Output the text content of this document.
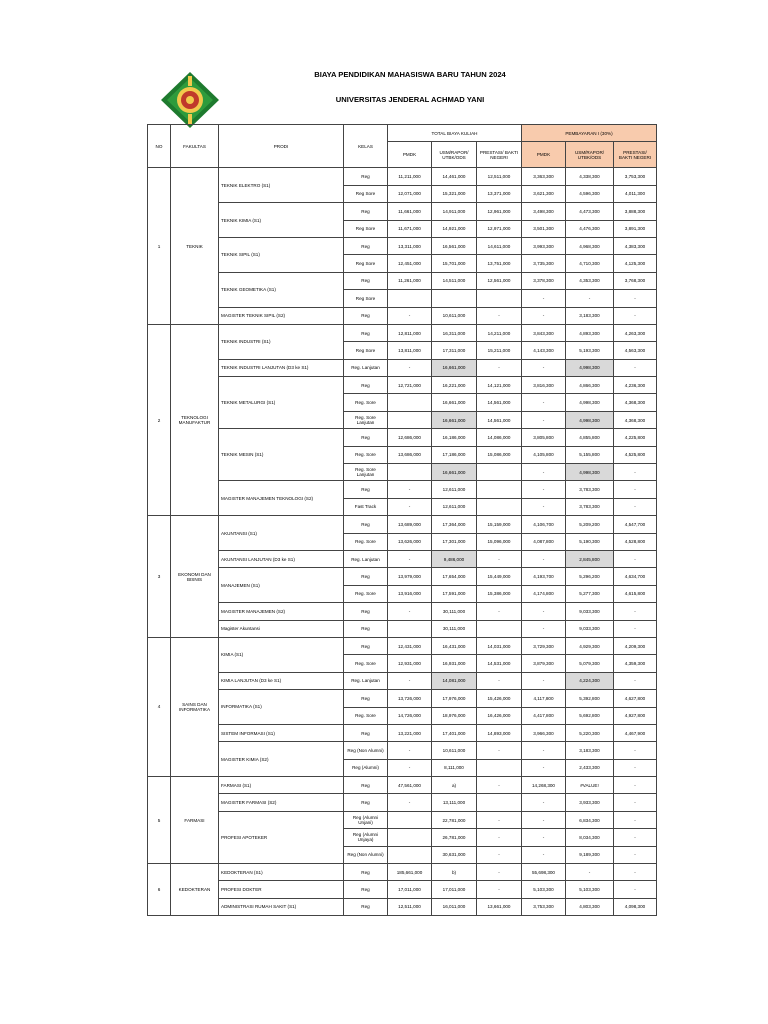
BIAYA PENDIDIKAN MAHASISWA BARU TAHUN 2024
UNIVERSITAS JENDERAL ACHMAD YANI
NO	FAKULTAS	PRODI	KELAS	TOTAL BIAYA KULIAH			PEMBAYARAN I (30%)		
				PMDK	USM/RAPOR/ UTBK/ODS	PRESTASI/ BAKTI NEGERI	PMDK	USM/RAPOR/ UTBK/ODS	PRESTASI/ BAKTI NEGERI
1	TEKNIK	TEKNIK ELEKTRO (S1)	Reg	11,211,000	14,461,000	12,511,000	3,363,300	4,338,300	3,753,300
			Reg Sore	12,071,000	15,321,000	13,371,000	3,621,300	4,596,300	4,011,300
		TEKNIK KIMIA (S1)	Reg	11,661,000	14,911,000	12,961,000	3,498,300	4,473,300	3,888,300
			Reg Sore	11,671,000	14,921,000	12,971,000	3,501,300	4,476,300	3,891,300
		TEKNIK SIPIL (S1)	Reg	13,311,000	16,561,000	14,611,000	3,993,300	4,968,300	4,383,300
			Reg Sore	12,451,000	15,701,000	13,751,000	3,735,300	4,710,300	4,125,300
		TEKNIK GEOMETIKA (S1)	Reg	11,261,000	14,511,000	12,561,000	3,378,300	4,353,300	3,768,300
			Reg Sore				-	-	-
		MAGISTER TEKNIK SIPIL (S2)	Reg	-	10,611,000	-	-	3,183,300	-
2	TEKNOLOGI MANUFAKTUR	TEKNIK INDUSTRI (S1)	Reg	12,811,000	16,311,000	14,211,000	3,843,300	4,893,300	4,263,300
			Reg Sore	13,811,000	17,311,000	15,211,000	4,143,300	5,193,300	4,563,300
		TEKNIK INDUSTRI LANJUTAN (D3 ke S1)	Reg. Lanjutan	-	16,661,000	-	-	4,998,300	-
		TEKNIK METALURGI (S1)	Reg	12,721,000	16,221,000	14,121,000	3,816,300	4,866,300	4,236,300
			Reg. Sore		16,661,000	14,561,000	-	4,998,300	4,368,300
			Reg. Sore Lanjutan		16,661,000	14,561,000	-	4,998,300	4,368,300
		TEKNIK MESIN (S1)	Reg	12,686,000	16,186,000	14,086,000	3,805,800	4,855,800	4,225,800
			Reg. Sore	13,686,000	17,186,000	15,086,000	4,105,800	5,155,800	4,525,800
			Reg. Sore Lanjutan		16,661,000		-	4,998,300	-
		MAGISTER MANAJEMEN TEKNOLOGI (S2)	Reg	-	12,611,000		-	3,783,300	-
			Fast Track	-	12,611,000		-	3,783,300	-
3	EKONOMI DAN BISNIS	AKUNTANSI (S1)	Reg	13,689,000	17,364,000	15,159,000	4,106,700	5,209,200	4,547,700
			Reg. Sore	13,626,000	17,301,000	15,096,000	4,087,800	5,190,300	4,528,800
		AKUNTANSI LANJUTAN (D3 ke S1)	Reg. Lanjutan	-	9,486,000	-	-	2,845,800	-
		MANAJEMEN (S1)	Reg	13,979,000	17,654,000	15,449,000	4,193,700	5,296,200	4,634,700
			Reg. Sore	13,916,000	17,591,000	15,386,000	4,174,800	5,277,300	4,615,800
		MAGISTER MANAJEMEN (S2)	Reg	-	30,111,000	-	-	9,033,300	-
		Magister Akuntansi	Reg		30,111,000		-	9,033,300	-
4	SAINS DAN INFORMATIKA	KIMIA (S1)	Reg	12,431,000	16,431,000	14,031,000	3,729,300	4,929,300	4,209,300
			Reg. Sore	12,931,000	16,931,000	14,531,000	3,879,300	5,079,300	4,359,300
		KIMIA LANJUTAN (D3 ke S1)	Reg. Lanjutan	-	14,081,000	-	-	4,224,300	-
		INFORMATIKA (S1)	Reg	13,726,000	17,976,000	15,426,000	4,117,800	5,392,800	4,627,800
			Reg. Sore	14,726,000	18,976,000	16,426,000	4,417,800	5,692,800	4,927,800
		SISTEM INFORMASI (S1)	Reg	13,221,000	17,401,000	14,893,000	3,966,300	5,220,300	4,467,900
		MAGISTER KIMIA (S2)	Reg (Non Alumni)	-	10,611,000	-	-	3,183,300	-
			Reg (Alumni)	-	8,111,000		-	2,433,300	-
5	FARMASI	FARMASI (S1)	Reg	47,561,000	a)	-	14,268,300	#VALUE!	-
		MAGISTER FARMASI (S2)	Reg	-	13,111,000		-	3,933,300	-
		PROFESI APOTEKER	Reg (Alumni Unjani)		22,781,000	-	-	6,834,300	-
			Reg (Alumni Unjaya)		26,781,000	-	-	8,034,300	-
			Reg (Non Alumni)		30,631,000	-	-	9,189,300	-
6	KEDOKTERAN	KEDOKTERAN (S1)	Reg	185,661,000	b)	-	55,698,300	-	-
		PROFESI DOKTER	Reg	17,011,000	17,011,000	-	5,103,300	5,103,300	-
		ADMINISTRASI RUMAH SAKIT (S1)	Reg	12,511,000	16,011,000	13,661,000	3,753,300	4,803,300	4,098,300
